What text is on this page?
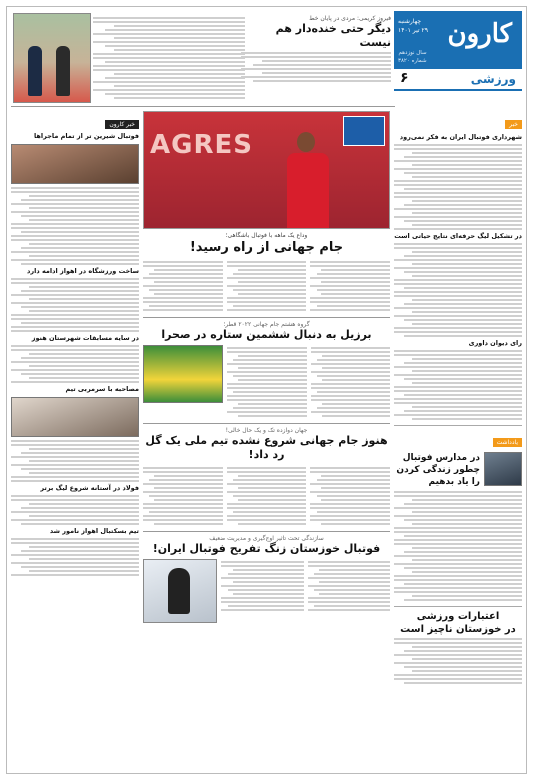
کارون
چهارشنبه
۲۹ تیر ۱۴۰۱
سال نوزدهم
شماره ۳۸۲۰
ورزشی
۶
فیروز کریمی: مردی در پایان خط
دیگر حتی خنده‌دار هم نیست
خبر
شهرداری فوتبال ایران به فکر نمی‌رود
در تشکیل لیگ حرفه‌ای نتایج حیاتی است
رای دیوان داوری
یادداشت
در مدارس فوتبال چطور زندگی کردن را یاد بدهیم
اعتبارات ورزشی
در خوزستان ناچیز است
خبر کارون
فوتبال شیرین تر از تمام ماجراها
ساخت ورزشگاه در اهواز ادامه دارد
در سایه مسابقات شهرستان هنوز
مصاحبه با سرمربی تیم
فولاد در آستانه شروع لیگ برتر
تیم بسکتبال اهواز نامور شد
AGRES
وداع یک ماهه با فوتبال باشگاهی؛
جام جهانی از راه رسید!
گروه هشتم جام جهانی ۲۰۲۲ قطر؛
برزیل به دنبال ششمین ستاره در صحرا
جهان دوازده تک و یک حال خالی!
هنوز جام جهانی شروع نشده تیم ملی یک گل رد داد!
سازندگی تحت تاثیر اوج‌گیری و مدیریت ضعیف
فوتبال خوزستان زنگ تفریح فوتبال ایران!
